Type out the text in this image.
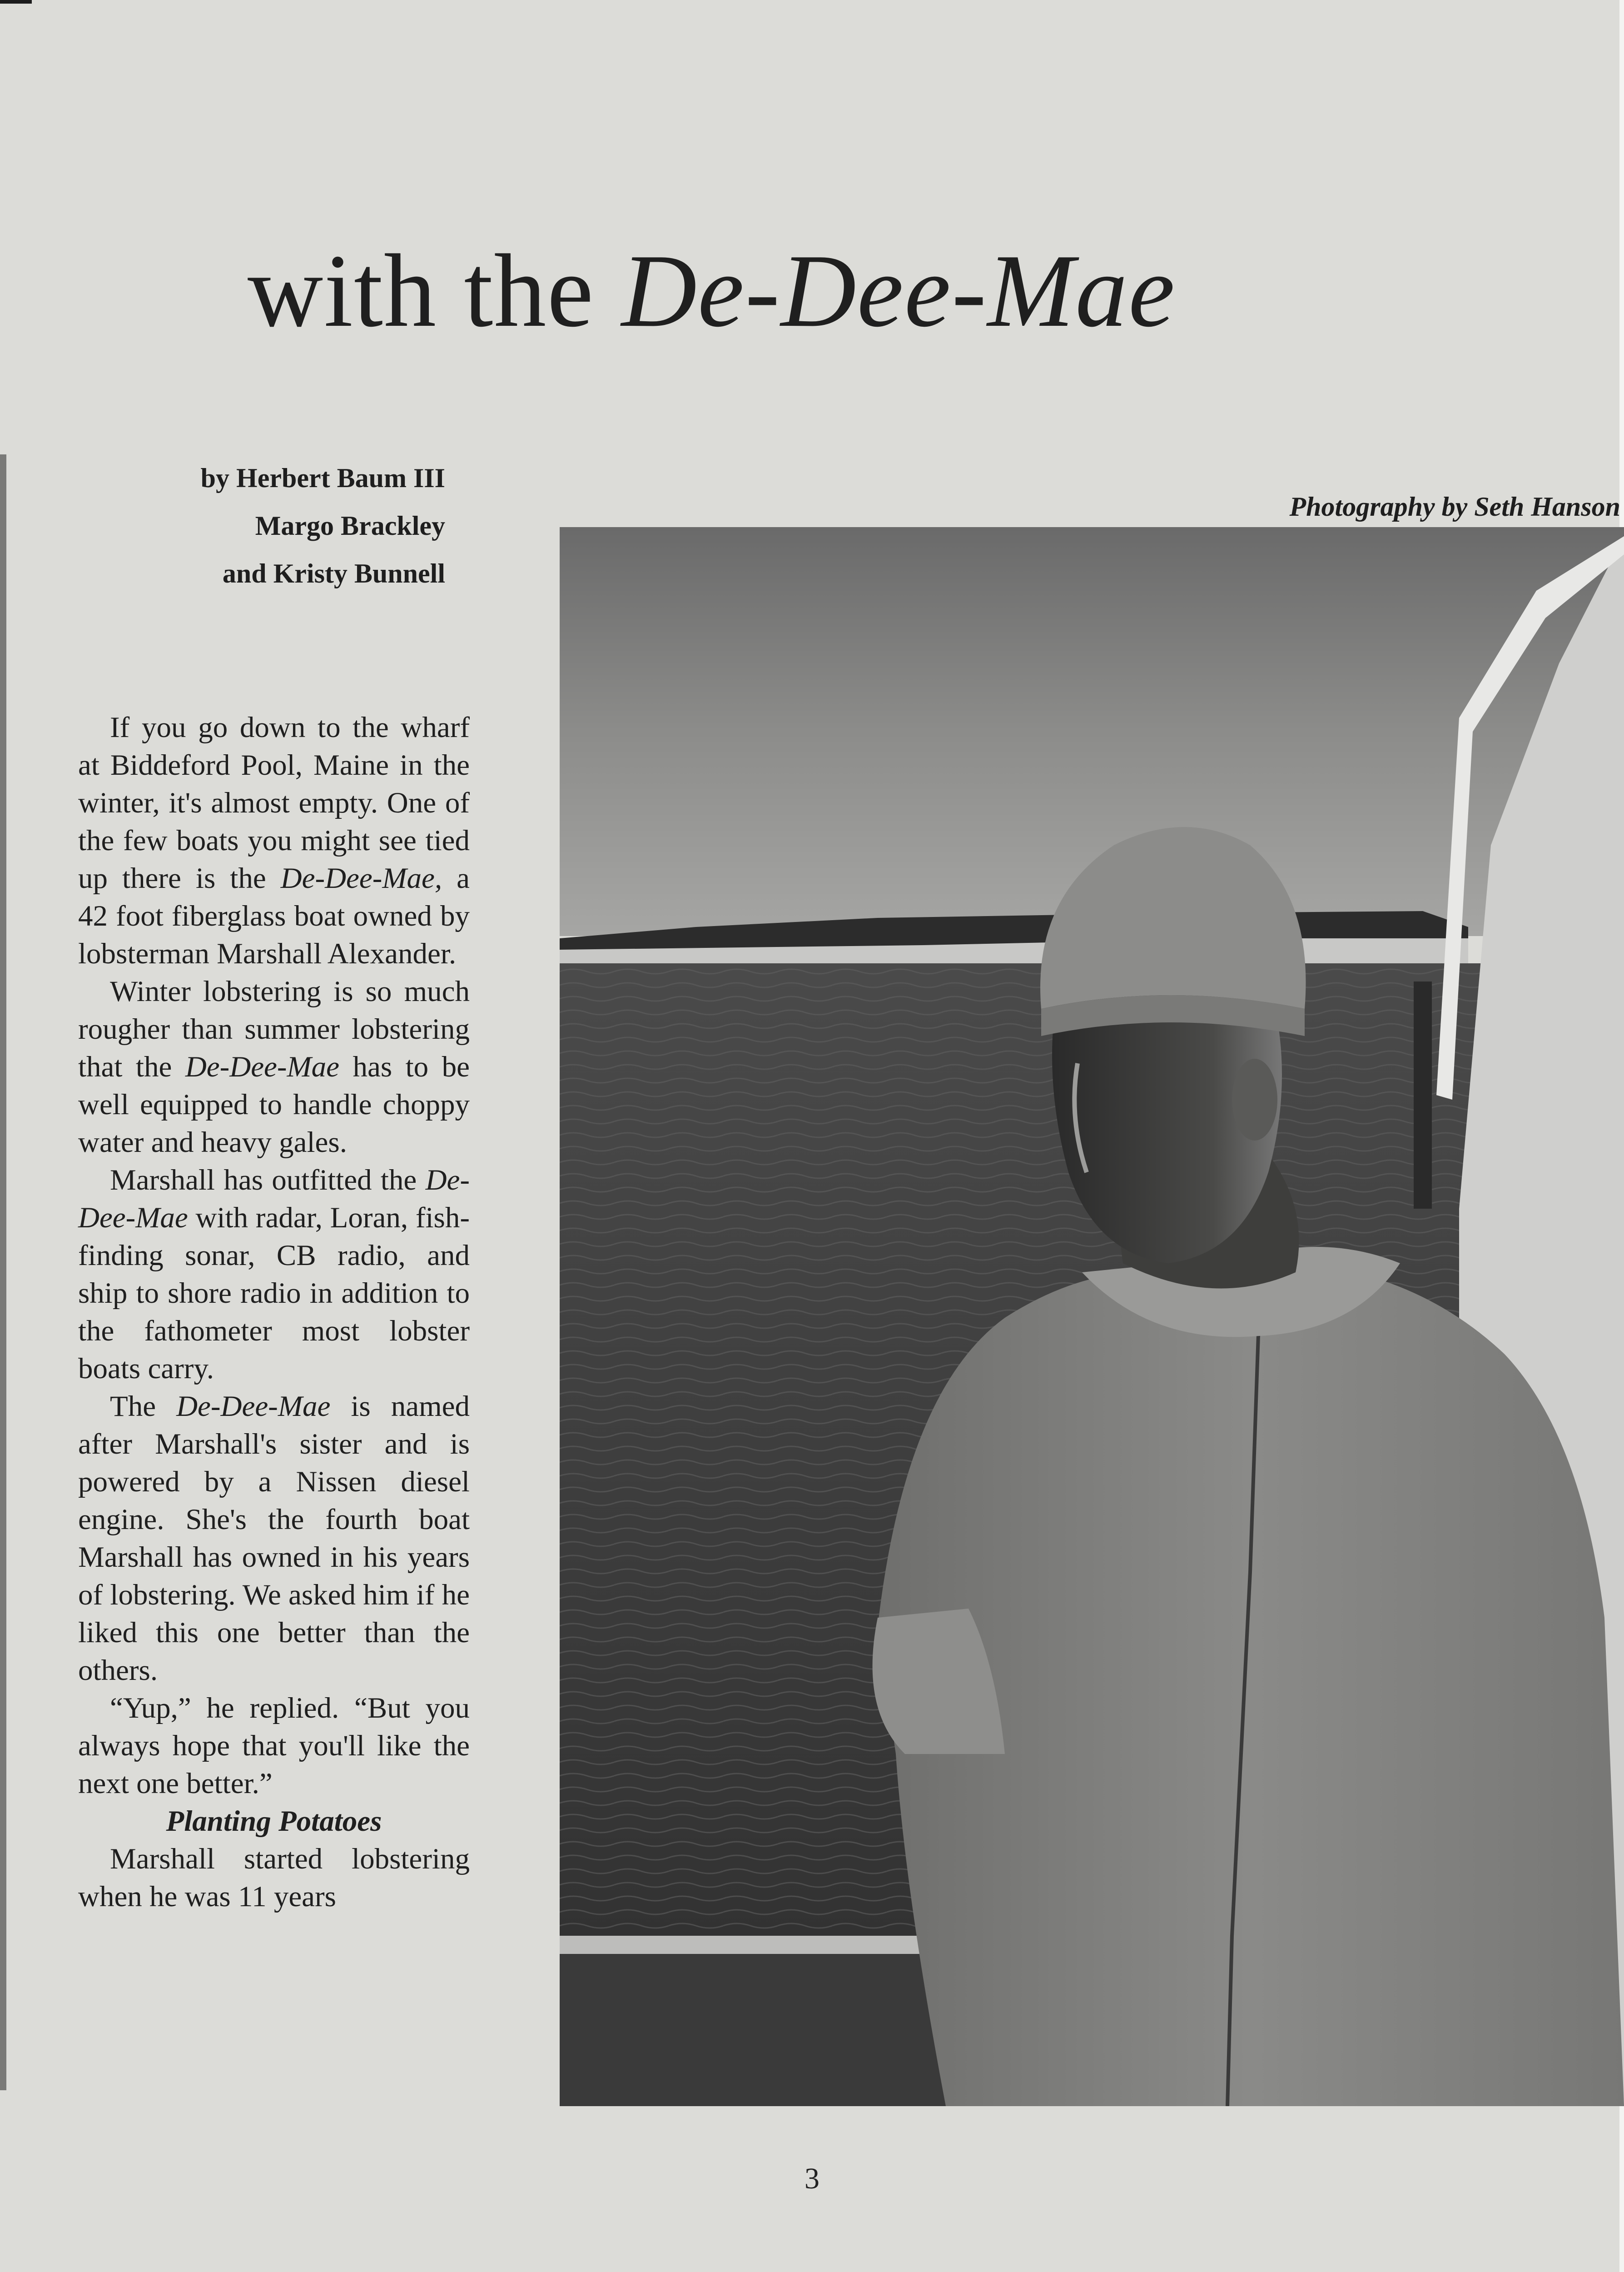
with the De-Dee-Mae
by Herbert Baum III
Margo Brackley
and Kristy Bunnell
Photography by Seth Hanson

If you go down to the wharf at Biddeford Pool, Maine in the winter, it's almost empty. One of the few boats you might see tied up there is the De-Dee-Mae, a 42 foot fiberglass boat owned by lobsterman Marshall Alexander.

Winter lobstering is so much rougher than summer lobstering that the De-Dee-Mae has to be well equipped to handle choppy water and heavy gales.

Marshall has outfitted the De-Dee-Mae with radar, Loran, fish-finding sonar, CB radio, and ship to shore radio in addition to the fathometer most lobster boats carry.

The De-Dee-Mae is named after Marshall's sister and is powered by a Nissen diesel engine. She's the fourth boat Marshall has owned in his years of lobstering. We asked him if he liked this one better than the others.

“Yup,” he replied. “But you always hope that you'll like the next one better.”

Planting Potatoes

Marshall started lobstering when he was 11 years

3
